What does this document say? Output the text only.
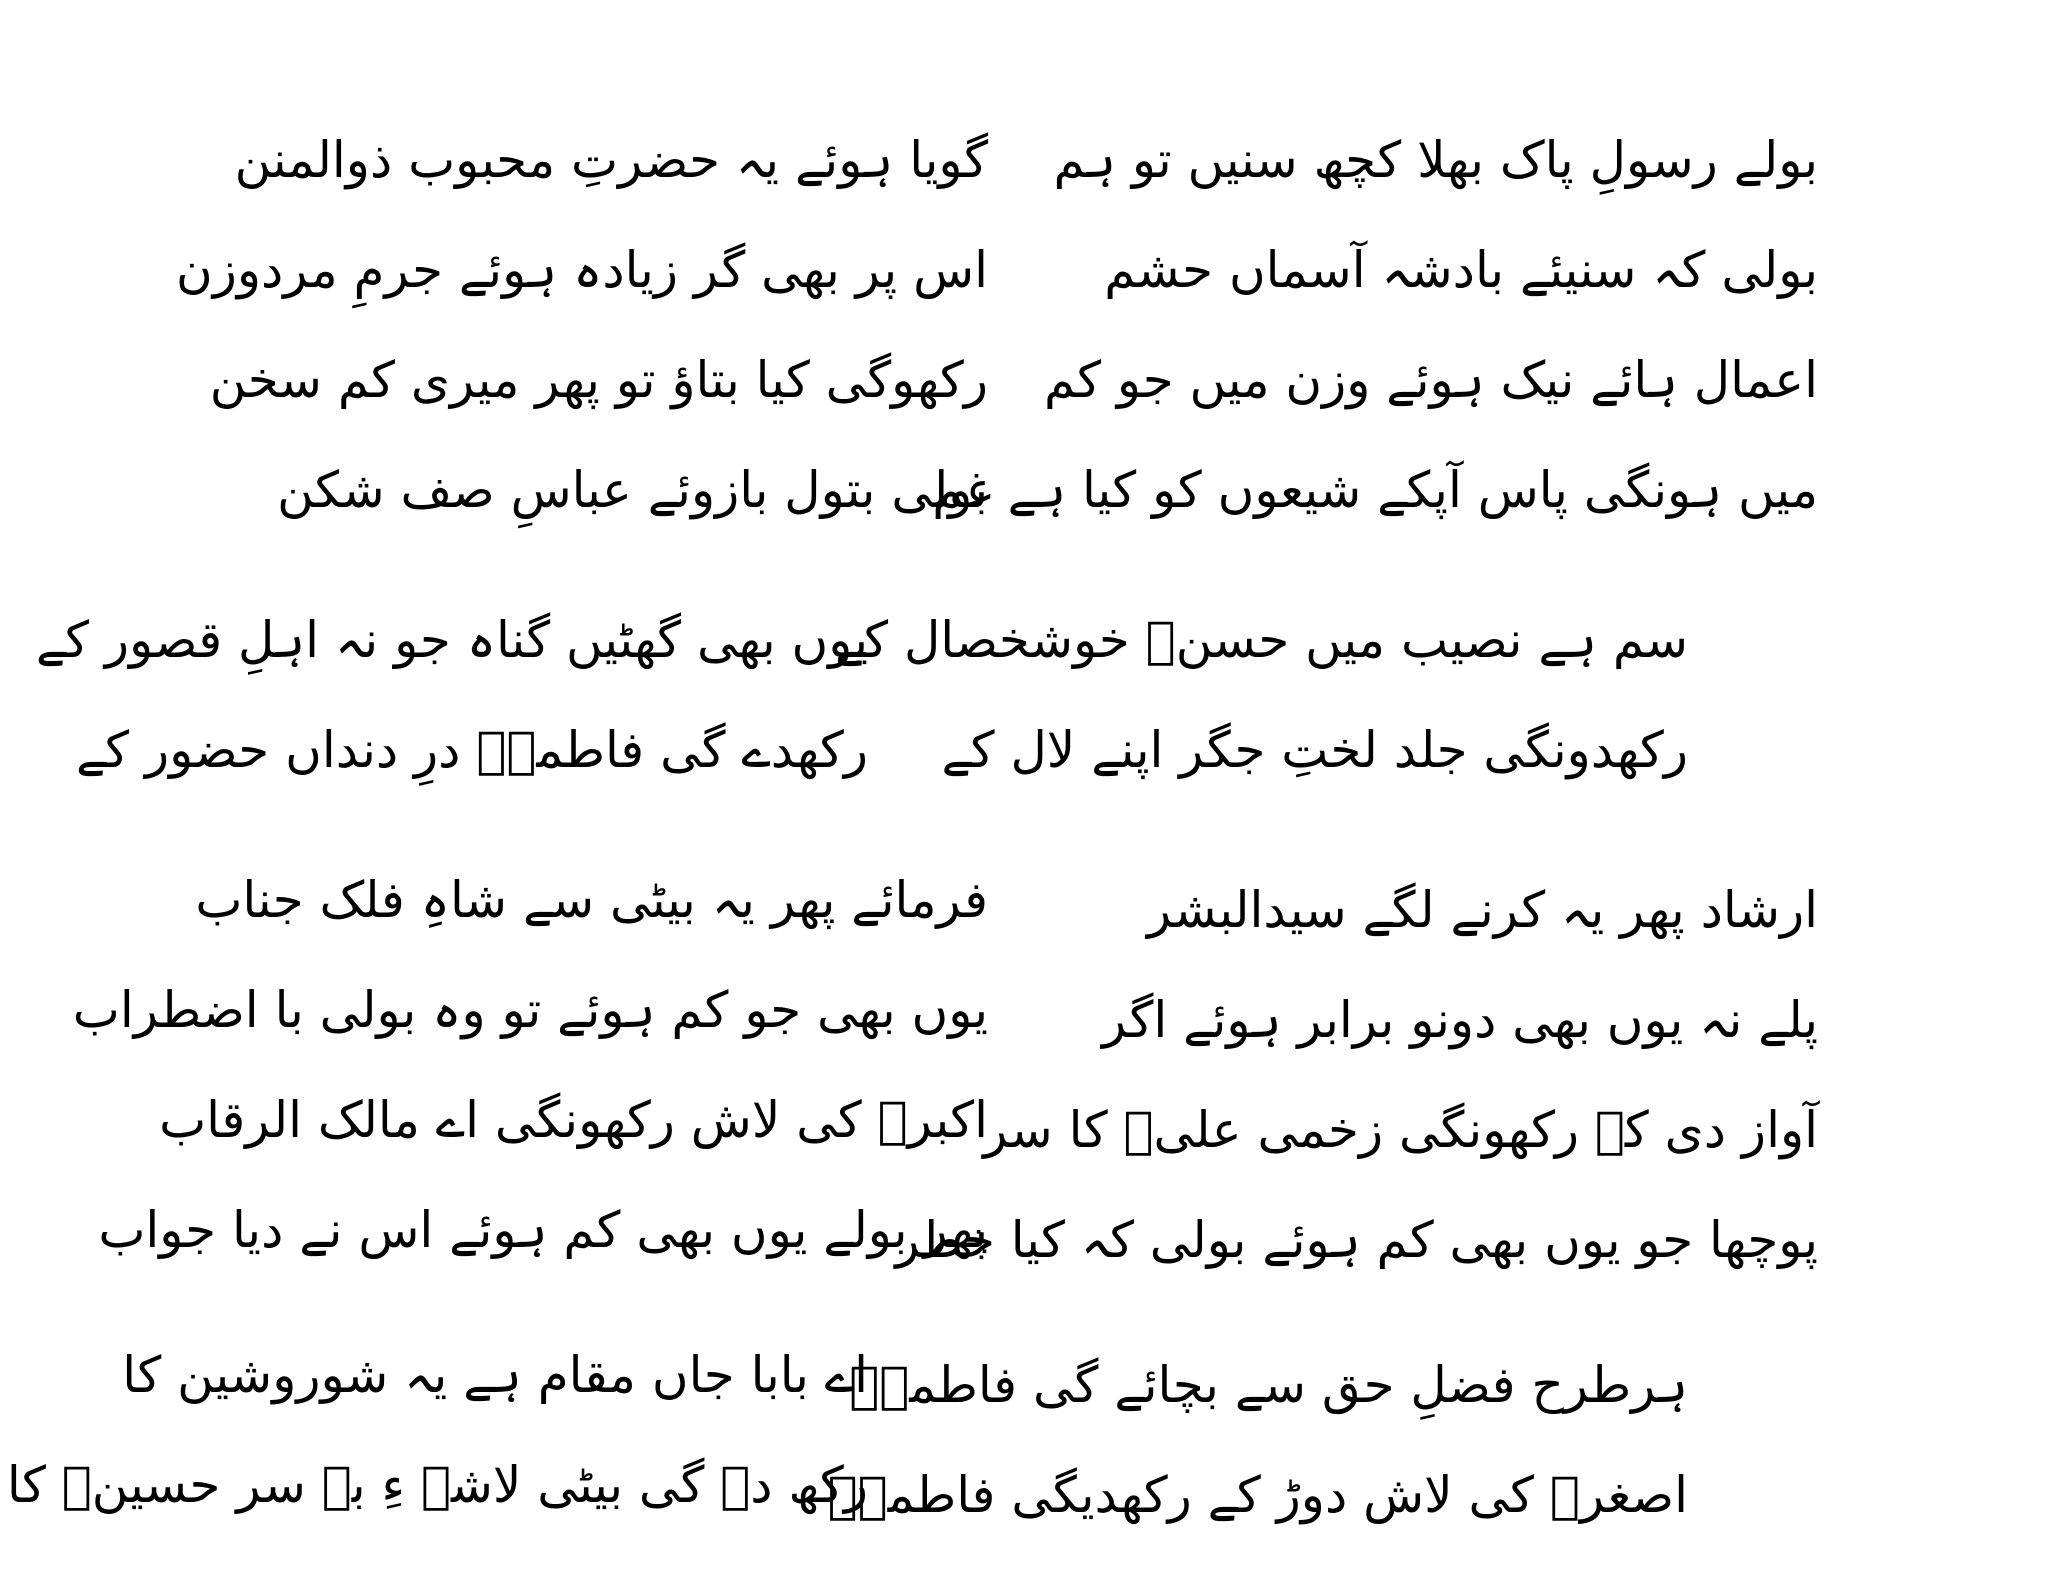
بولے رسولِ پاک بھلا کچھ سنیں تو ہم
بولی کہ سنیئے بادشہ آسماں حشم
اعمال ہائے نیک ہوئے وزن میں جو کم
میں ہونگی پاس آپکے شیعوں کو کیا ہے غم
گویا ہوئے یہ حضرتِ محبوب ذوالمنن
اس پر بھی گر زیادہ ہوئے جرمِ مردوزن
رکھوگی کیا بتاؤ تو پھر میری کم سخن
بولی بتول بازوئے عباسِ صف شکن
سم ہے نصیب میں حسنؑ خوشخصال کے
رکھدونگی جلد لختِ جگر اپنے لال کے
یوں بھی گھٹیں گناہ جو نہ اہلِ قصور کے
رکھدے گی فاطمہؑ درِ دنداں حضور کے
ارشاد پھر یہ کرنے لگے سیدالبشر
پلے نہ یوں بھی دونو برابر ہوئے اگر
آواز دی کہ رکھونگی زخمی علیؑ کا سر
پوچھا جو یوں بھی کم ہوئے بولی کہ کیا خطر
فرمائے پھر یہ بیٹی سے شاہِ فلک جناب
یوں بھی جو کم ہوئے تو وہ بولی با اضطراب
اکبرؑ کی لاش رکھونگی اے مالک الرقاب
پھر بولے یوں بھی کم ہوئے اس نے دیا جواب
ہرطرح فضلِ حق سے بچائے گی فاطمہؑ
اصغرؑ کی لاش دوڑ کے رکھدیگی فاطمہؑ
اے بابا جاں مقام ہے یہ شوروشین کا
رکھ دے گی بیٹی لاشہ ءِ بے سر حسینؑ کا
